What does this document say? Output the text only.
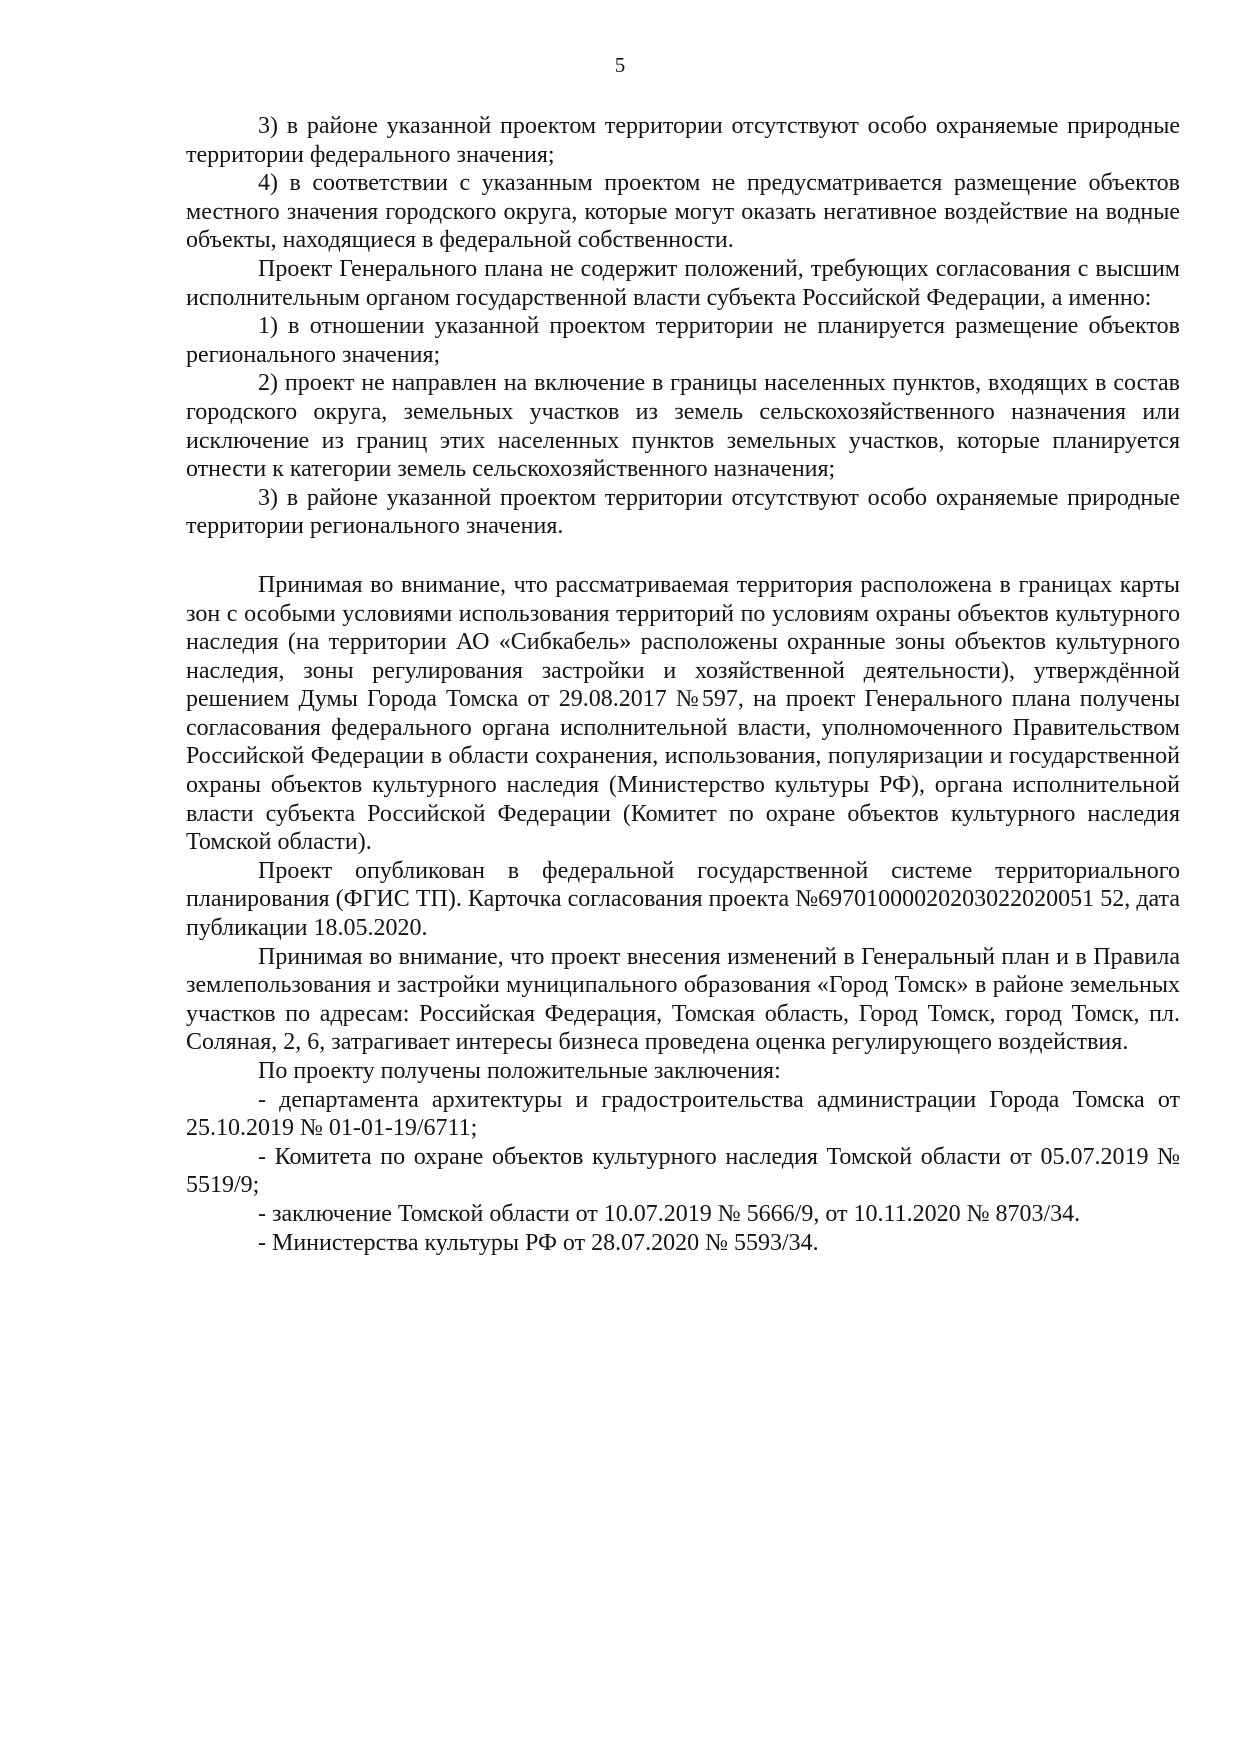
5

3) в районе указанной проектом территории отсутствуют особо охраняемые природные территории федерального значения;

4) в соответствии с указанным проектом не предусматривается размещение объектов местного значения городского округа, которые могут оказать негативное воздействие на водные объекты, находящиеся в федеральной собственности.

Проект Генерального плана не содержит положений, требующих согласования с высшим исполнительным органом государственной власти субъекта Российской Федерации, а именно:

1) в отношении указанной проектом территории не планируется размещение объектов регионального значения;

2) проект не направлен на включение в границы населенных пунктов, входящих в состав городского округа, земельных участков из земель сельскохозяйственного назначения или исключение из границ этих населенных пунктов земельных участков, которые планируется отнести к категории земель сельскохозяйственного назначения;

3) в районе указанной проектом территории отсутствуют особо охраняемые природные территории регионального значения.

Принимая во внимание, что рассматриваемая территория расположена в границах карты зон с особыми условиями использования территорий по условиям охраны объектов культурного наследия (на территории АО «Сибкабель» расположены охранные зоны объектов культурного наследия, зоны регулирования застройки и хозяйственной деятельности), утверждённой решением Думы Города Томска от 29.08.2017 №597, на проект Генерального плана получены согласования федерального органа исполнительной власти, уполномоченного Правительством Российской Федерации в области сохранения, использования, популяризации и государственной охраны объектов культурного наследия (Министерство культуры РФ), органа исполнительной власти субъекта Российской Федерации (Комитет по охране объектов культурного наследия Томской области).

Проект опубликован в федеральной государственной системе территориального планирования (ФГИС ТП). Карточка согласования проекта №69701000020203022020051 52, дата публикации 18.05.2020.

Принимая во внимание, что проект внесения изменений в Генеральный план и в Правила землепользования и застройки муниципального образования «Город Томск» в районе земельных участков по адресам: Российская Федерация, Томская область, Город Томск, город Томск, пл. Соляная, 2, 6, затрагивает интересы бизнеса проведена оценка регулирующего воздействия.

По проекту получены положительные заключения:

- департамента архитектуры и градостроительства администрации Города Томска от 25.10.2019 № 01-01-19/6711;

- Комитета по охране объектов культурного наследия Томской области от 05.07.2019 № 5519/9;

- заключение Томской области от 10.07.2019 № 5666/9, от 10.11.2020 № 8703/34.

- Министерства культуры РФ от 28.07.2020 № 5593/34.
